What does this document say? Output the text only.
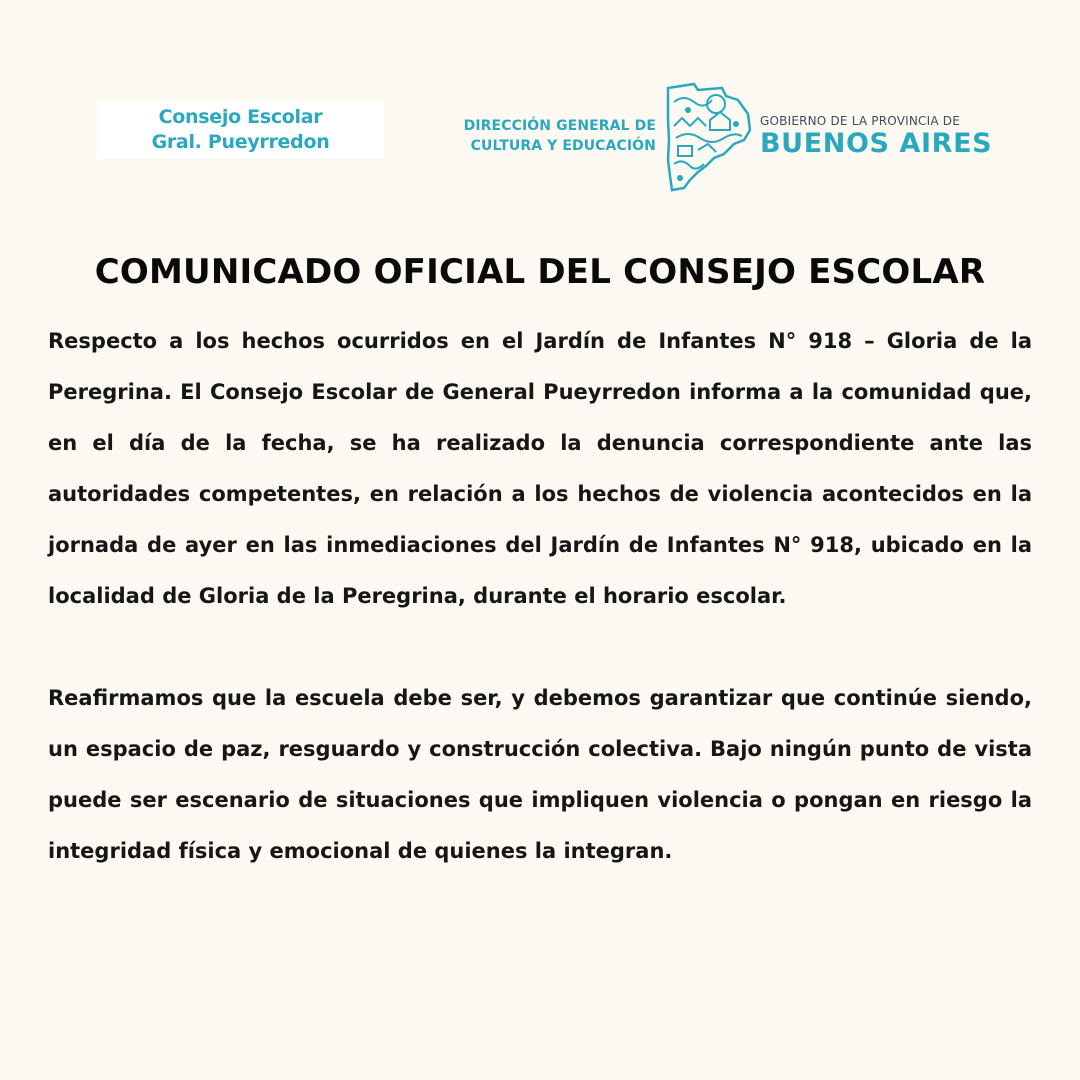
Consejo Escolar
Gral. Pueyrredon
DIRECCIÓN GENERAL DE
CULTURA Y EDUCACIÓN
GOBIERNO DE LA PROVINCIA DE
BUENOS AIRES
COMUNICADO OFICIAL DEL CONSEJO ESCOLAR

Respecto a los hechos ocurridos en el Jardín de Infantes N° 918 – Gloria de la Peregrina. El Consejo Escolar de General Pueyrredon informa a la comunidad que, en el día de la fecha, se ha realizado la denuncia correspondiente ante las autoridades competentes, en relación a los hechos de violencia acontecidos en la jornada de ayer en las inmediaciones del Jardín de Infantes N° 918, ubicado en la localidad de Gloria de la Peregrina, durante el horario escolar.

Reafirmamos que la escuela debe ser, y debemos garantizar que continúe siendo, un espacio de paz, resguardo y construcción colectiva. Bajo ningún punto de vista puede ser escenario de situaciones que impliquen violencia o pongan en riesgo la integridad física y emocional de quienes la integran.
